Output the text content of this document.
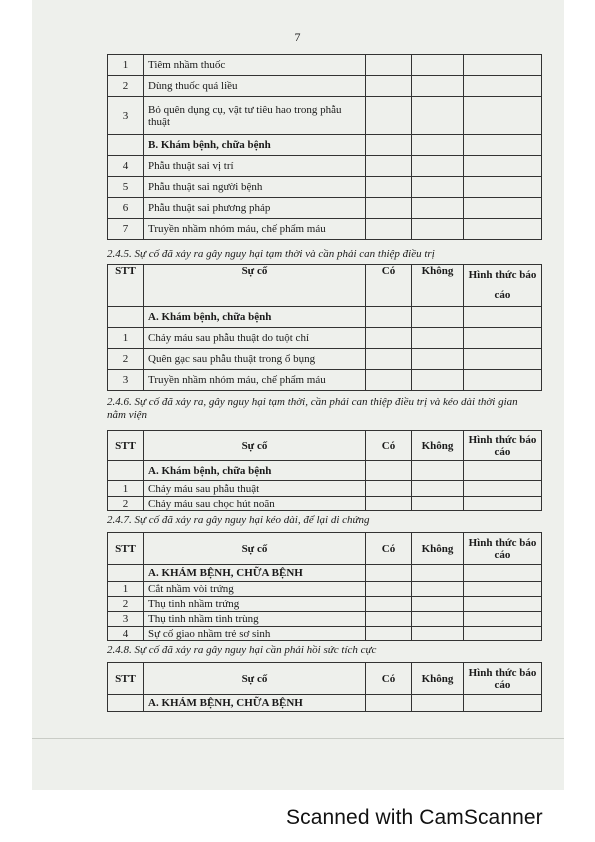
7
1	Tiêm nhầm thuốc			
2	Dùng thuốc quá liều			
3	Bỏ quên dụng cụ, vật tư tiêu hao trong phẫu thuật			
	B. Khám bệnh, chữa bệnh			
4	Phẫu thuật sai vị trí			
5	Phẫu thuật sai người bệnh			
6	Phẫu thuật sai phương pháp			
7	Truyền nhầm nhóm máu, chế phẩm máu			
2.4.5. Sự cố đã xảy ra gây nguy hại tạm thời và cần phải can thiệp điều trị
STT	Sự cố	Có	Không	Hình thức báo cáo
	A. Khám bệnh, chữa bệnh			
1	Chảy máu sau phẫu thuật do tuột chỉ			
2	Quên gạc sau phẫu thuật trong ổ bụng			
3	Truyền nhầm nhóm máu, chế phẩm máu			
2.4.6. Sự cố đã xảy ra, gây nguy hại tạm thời, cần phải can thiệp điều trị và kéo dài thời gian nằm viện
STT	Sự cố	Có	Không	Hình thức báo cáo
	A. Khám bệnh, chữa bệnh			
1	Chảy máu sau phẫu thuật			
2	Chảy máu sau chọc hút noãn			
2.4.7. Sự cố đã xảy ra gây nguy hại kéo dài, để lại di chứng
STT	Sự cố	Có	Không	Hình thức báo cáo
	A. KHÁM BỆNH, CHỮA BỆNH			
1	Cắt nhầm vòi trứng			
2	Thụ tinh nhầm trứng			
3	Thụ tinh nhầm tinh trùng			
4	Sự cố giao nhầm trẻ sơ sinh			
2.4.8. Sự cố đã xảy ra gây nguy hại cần phải hồi sức tích cực
STT	Sự cố	Có	Không	Hình thức báo cáo
	A. KHÁM BỆNH, CHỮA BỆNH			
Scanned with CamScanner
